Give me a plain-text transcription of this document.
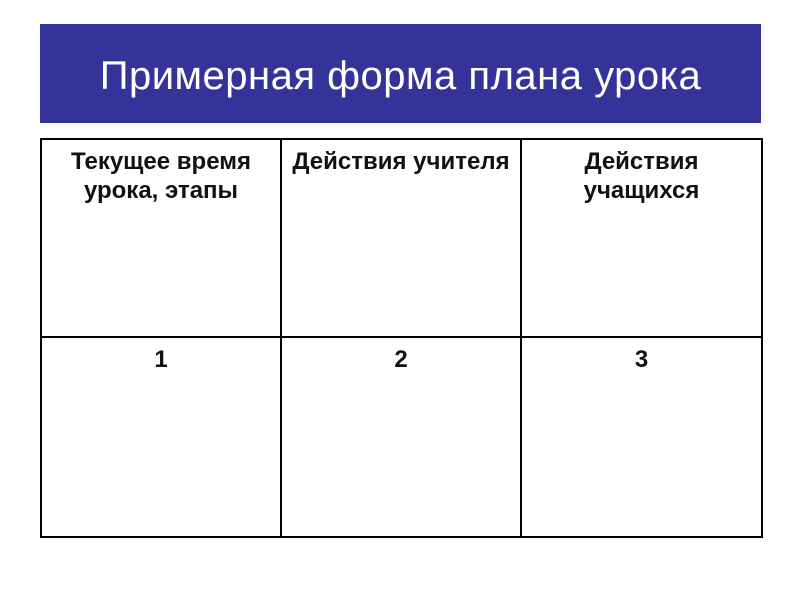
Примерная форма плана урока
Текущее время урока, этапы	Действия учителя	Действия учащихся

1	2	3
